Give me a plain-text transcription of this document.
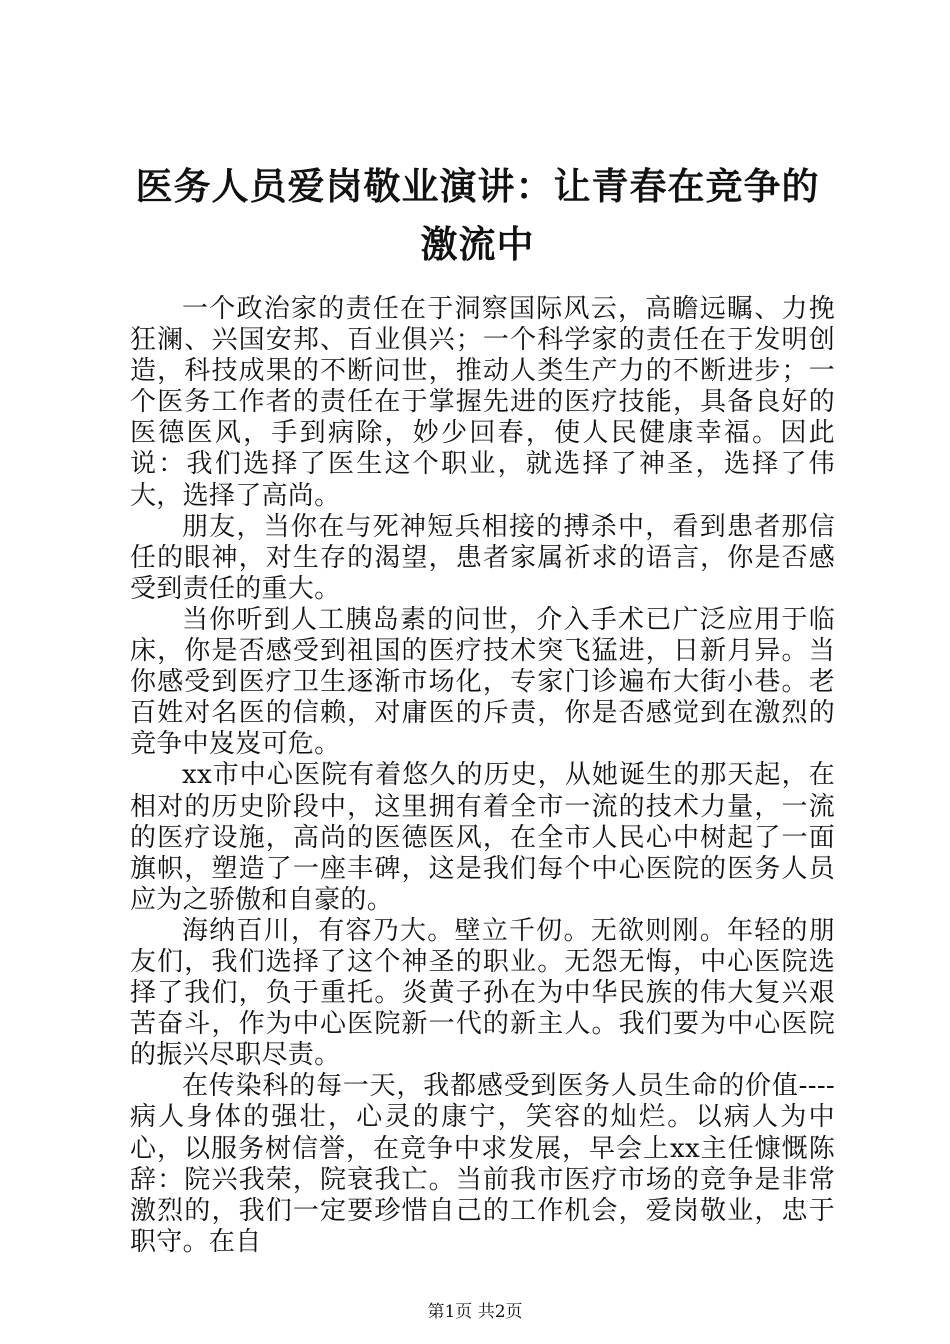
医务人员爱岗敬业演讲：让青春在竞争的激流中

一个政治家的责任在于洞察国际风云，高瞻远瞩、力挽狂澜、兴国安邦、百业俱兴；一个科学家的责任在于发明创造，科技成果的不断问世，推动人类生产力的不断进步；一个医务工作者的责任在于掌握先进的医疗技能，具备良好的医德医风，手到病除，妙少回春，使人民健康幸福。因此说：我们选择了医生这个职业，就选择了神圣，选择了伟大，选择了高尚。

朋友，当你在与死神短兵相接的搏杀中，看到患者那信任的眼神，对生存的渴望，患者家属祈求的语言，你是否感受到责任的重大。

当你听到人工胰岛素的问世，介入手术已广泛应用于临床，你是否感受到祖国的医疗技术突飞猛进，日新月异。当你感受到医疗卫生逐渐市场化，专家门诊遍布大街小巷。老百姓对名医的信赖，对庸医的斥责，你是否感觉到在激烈的竞争中岌岌可危。

xx市中心医院有着悠久的历史，从她诞生的那天起，在相对的历史阶段中，这里拥有着全市一流的技术力量，一流的医疗设施，高尚的医德医风，在全市人民心中树起了一面旗帜，塑造了一座丰碑，这是我们每个中心医院的医务人员应为之骄傲和自豪的。

海纳百川，有容乃大。壁立千仞。无欲则刚。年轻的朋友们，我们选择了这个神圣的职业。无怨无悔，中心医院选择了我们，负于重托。炎黄子孙在为中华民族的伟大复兴艰苦奋斗，作为中心医院新一代的新主人。我们要为中心医院的振兴尽职尽责。

在传染科的每一天，我都感受到医务人员生命的价值----病人身体的强壮，心灵的康宁，笑容的灿烂。以病人为中心，以服务树信誉，在竞争中求发展，早会上xx主任慷慨陈辞：院兴我荣，院衰我亡。当前我市医疗市场的竞争是非常激烈的，我们一定要珍惜自己的工作机会，爱岗敬业，忠于职守。在自

第1页 共2页
